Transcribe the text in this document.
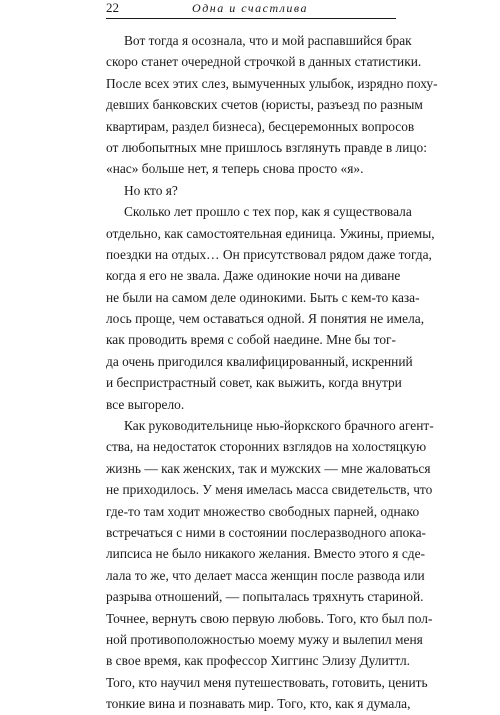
22	Одна и счастлива
Вот тогда я осознала, что и мой распавшийся брак
скоро станет очередной строчкой в данных статистики.
После всех этих слез, вымученных улыбок, изрядно поху-
девших банковских счетов (юристы, разъезд по разным
квартирам, раздел бизнеса), бесцеремонных вопросов
от любопытных мне пришлось взглянуть правде в лицо:
«нас» больше нет, я теперь снова просто «я».
Но кто я?
Сколько лет прошло с тех пор, как я существовала
отдельно, как самостоятельная единица. Ужины, приемы,
поездки на отдых… Он присутствовал рядом даже тогда,
когда я его не звала. Даже одинокие ночи на диване
не были на самом деле одинокими. Быть с кем-то каза-
лось проще, чем оставаться одной. Я понятия не имела,
как проводить время с собой наедине. Мне бы тог-
да очень пригодился квалифицированный, искренний
и беспристрастный совет, как выжить, когда внутри
все выгорело.
Как руководительнице нью-йоркского брачного агент-
ства, на недостаток сторонних взглядов на холостяцкую
жизнь — как женских, так и мужских — мне жаловаться
не приходилось. У меня имелась масса свидетельств, что
где-то там ходит множество свободных парней, однако
встречаться с ними в состоянии послеразводного апока-
липсиса не было никакого желания. Вместо этого я сде-
лала то же, что делает масса женщин после развода или
разрыва отношений, — попыталась тряхнуть стариной.
Точнее, вернуть свою первую любовь. Того, кто был пол-
ной противоположностью моему мужу и вылепил меня
в свое время, как профессор Хиггинс Элизу Дулиттл.
Того, кто научил меня путешествовать, готовить, ценить
тонкие вина и познавать мир. Того, кто, как я думала,
